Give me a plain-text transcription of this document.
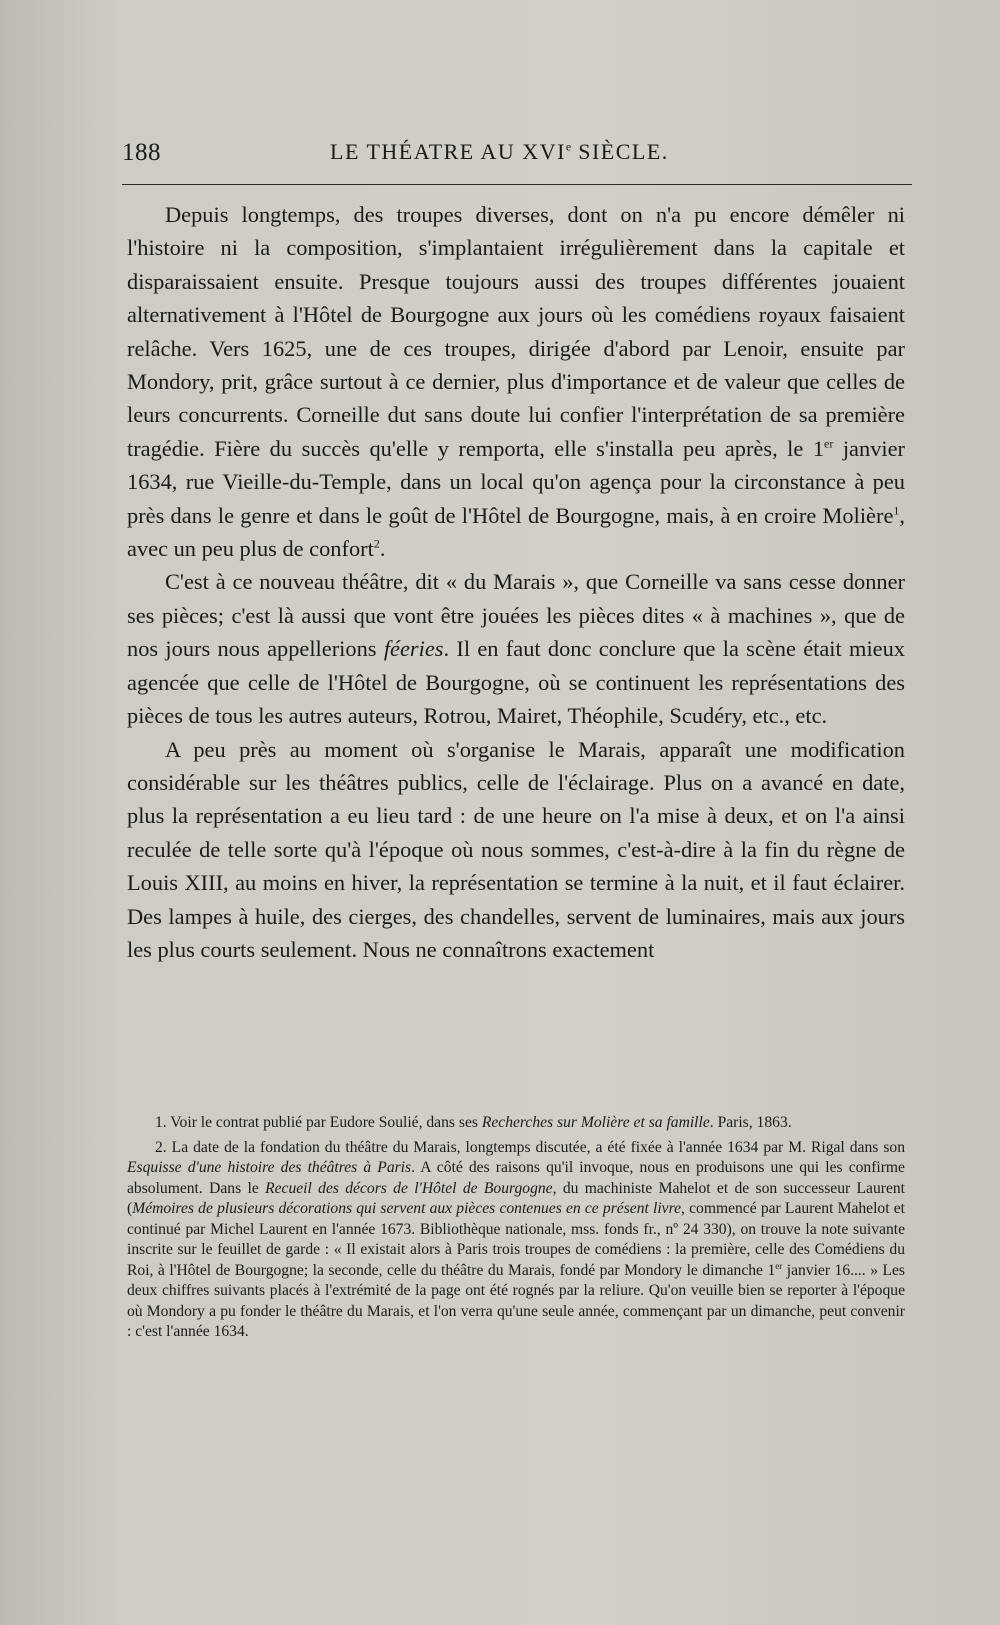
188	LE THÉATRE AU XVIe SIÈCLE.

Depuis longtemps, des troupes diverses, dont on n'a pu encore démêler ni l'histoire ni la composition, s'implantaient irrégulièrement dans la capitale et disparaissaient ensuite. Presque toujours aussi des troupes différentes jouaient alternativement à l'Hôtel de Bourgogne aux jours où les comédiens royaux faisaient relâche. Vers 1625, une de ces troupes, dirigée d'abord par Lenoir, ensuite par Mondory, prit, grâce surtout à ce dernier, plus d'importance et de valeur que celles de leurs concurrents. Corneille dut sans doute lui confier l'interprétation de sa première tragédie. Fière du succès qu'elle y remporta, elle s'installa peu après, le 1er janvier 1634, rue Vieille-du-Temple, dans un local qu'on agença pour la circonstance à peu près dans le genre et dans le goût de l'Hôtel de Bourgogne, mais, à en croire Molière$^1$, avec un peu plus de confort$^2$.

C'est à ce nouveau théâtre, dit « du Marais », que Corneille va sans cesse donner ses pièces; c'est là aussi que vont être jouées les pièces dites « à machines », que de nos jours nous appellerions féeries. Il en faut donc conclure que la scène était mieux agencée que celle de l'Hôtel de Bourgogne, où se continuent les représentations des pièces de tous les autres auteurs, Rotrou, Mairet, Théophile, Scudéry, etc., etc.

A peu près au moment où s'organise le Marais, apparaît une modification considérable sur les théâtres publics, celle de l'éclairage. Plus on a avancé en date, plus la représentation a eu lieu tard : de une heure on l'a mise à deux, et on l'a ainsi reculée de telle sorte qu'à l'époque où nous sommes, c'est-à-dire à la fin du règne de Louis XIII, au moins en hiver, la représentation se termine à la nuit, et il faut éclairer. Des lampes à huile, des cierges, des chandelles, servent de luminaires, mais aux jours les plus courts seulement. Nous ne connaîtrons exactement

1. Voir le contrat publié par Eudore Soulié, dans ses Recherches sur Molière et sa famille. Paris, 1863.

2. La date de la fondation du théâtre du Marais, longtemps discutée, a été fixée à l'année 1634 par M. Rigal dans son Esquisse d'une histoire des théâtres à Paris. A côté des raisons qu'il invoque, nous en produisons une qui les confirme absolument. Dans le Recueil des décors de l'Hôtel de Bourgogne, du machiniste Mahelot et de son successeur Laurent (Mémoires de plusieurs décorations qui servent aux pièces contenues en ce présent livre, commencé par Laurent Mahelot et continué par Michel Laurent en l'année 1673. Bibliothèque nationale, mss. fonds fr., nº 24 330), on trouve la note suivante inscrite sur le feuillet de garde : « Il existait alors à Paris trois troupes de comédiens : la première, celle des Comédiens du Roi, à l'Hôtel de Bourgogne; la seconde, celle du théâtre du Marais, fondé par Mondory le dimanche 1er janvier 16.... » Les deux chiffres suivants placés à l'extrémité de la page ont été rognés par la reliure. Qu'on veuille bien se reporter à l'époque où Mondory a pu fonder le théâtre du Marais, et l'on verra qu'une seule année, commençant par un dimanche, peut convenir : c'est l'année 1634.
